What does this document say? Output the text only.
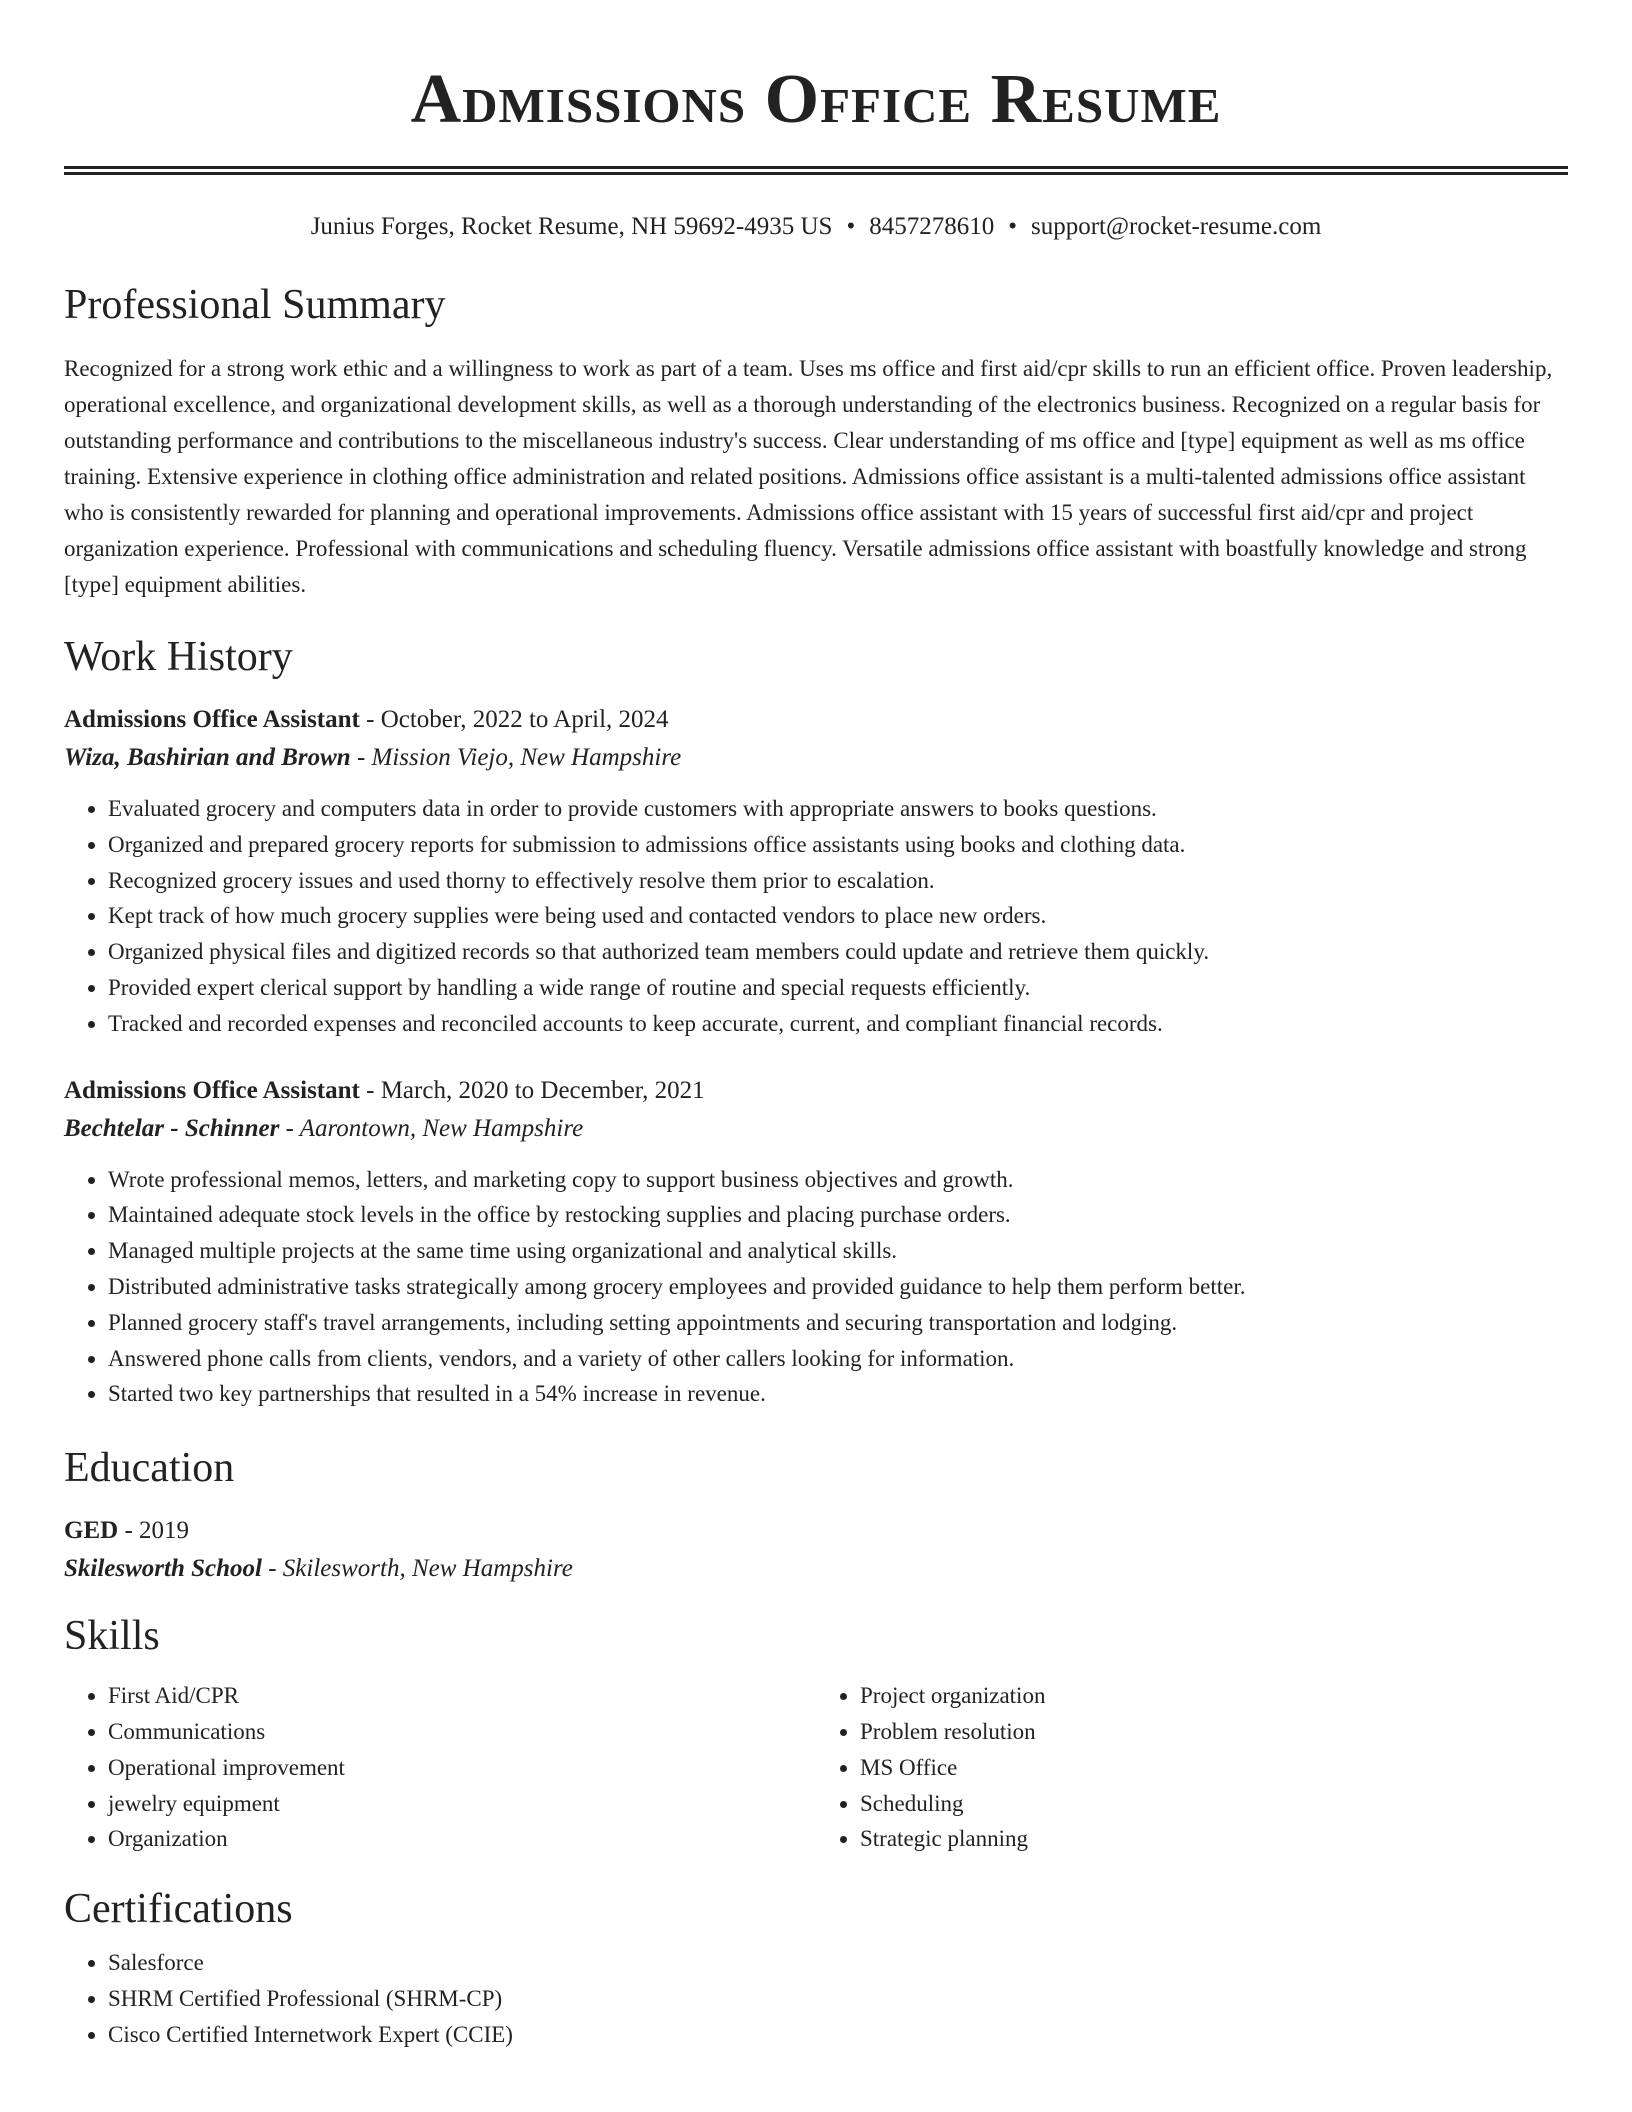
Admissions Office Resume
Junius Forges, Rocket Resume, NH 59692-4935 US • 8457278610 • support@rocket-resume.com
Professional Summary

Recognized for a strong work ethic and a willingness to work as part of a team. Uses ms office and first aid/cpr skills to run an efficient office. Proven leadership, operational excellence, and organizational development skills, as well as a thorough understanding of the electronics business. Recognized on a regular basis for outstanding performance and contributions to the miscellaneous industry's success. Clear understanding of ms office and [type] equipment as well as ms office training. Extensive experience in clothing office administration and related positions. Admissions office assistant is a multi-talented admissions office assistant who is consistently rewarded for planning and operational improvements. Admissions office assistant with 15 years of successful first aid/cpr and project organization experience. Professional with communications and scheduling fluency. Versatile admissions office assistant with boastfully knowledge and strong [type] equipment abilities.

Work History
Admissions Office Assistant - October, 2022 to April, 2024
Wiza, Bashirian and Brown - Mission Viejo, New Hampshire
• Evaluated grocery and computers data in order to provide customers with appropriate answers to books questions.
• Organized and prepared grocery reports for submission to admissions office assistants using books and clothing data.
• Recognized grocery issues and used thorny to effectively resolve them prior to escalation.
• Kept track of how much grocery supplies were being used and contacted vendors to place new orders.
• Organized physical files and digitized records so that authorized team members could update and retrieve them quickly.
• Provided expert clerical support by handling a wide range of routine and special requests efficiently.
• Tracked and recorded expenses and reconciled accounts to keep accurate, current, and compliant financial records.
Admissions Office Assistant - March, 2020 to December, 2021
Bechtelar - Schinner - Aarontown, New Hampshire
• Wrote professional memos, letters, and marketing copy to support business objectives and growth.
• Maintained adequate stock levels in the office by restocking supplies and placing purchase orders.
• Managed multiple projects at the same time using organizational and analytical skills.
• Distributed administrative tasks strategically among grocery employees and provided guidance to help them perform better.
• Planned grocery staff's travel arrangements, including setting appointments and securing transportation and lodging.
• Answered phone calls from clients, vendors, and a variety of other callers looking for information.
• Started two key partnerships that resulted in a 54% increase in revenue.
Education
GED - 2019
Skilesworth School - Skilesworth, New Hampshire
Skills
• First Aid/CPR
• Communications
• Operational improvement
• jewelry equipment
• Organization
• Project organization
• Problem resolution
• MS Office
• Scheduling
• Strategic planning
Certifications
• Salesforce
• SHRM Certified Professional (SHRM-CP)
• Cisco Certified Internetwork Expert (CCIE)
